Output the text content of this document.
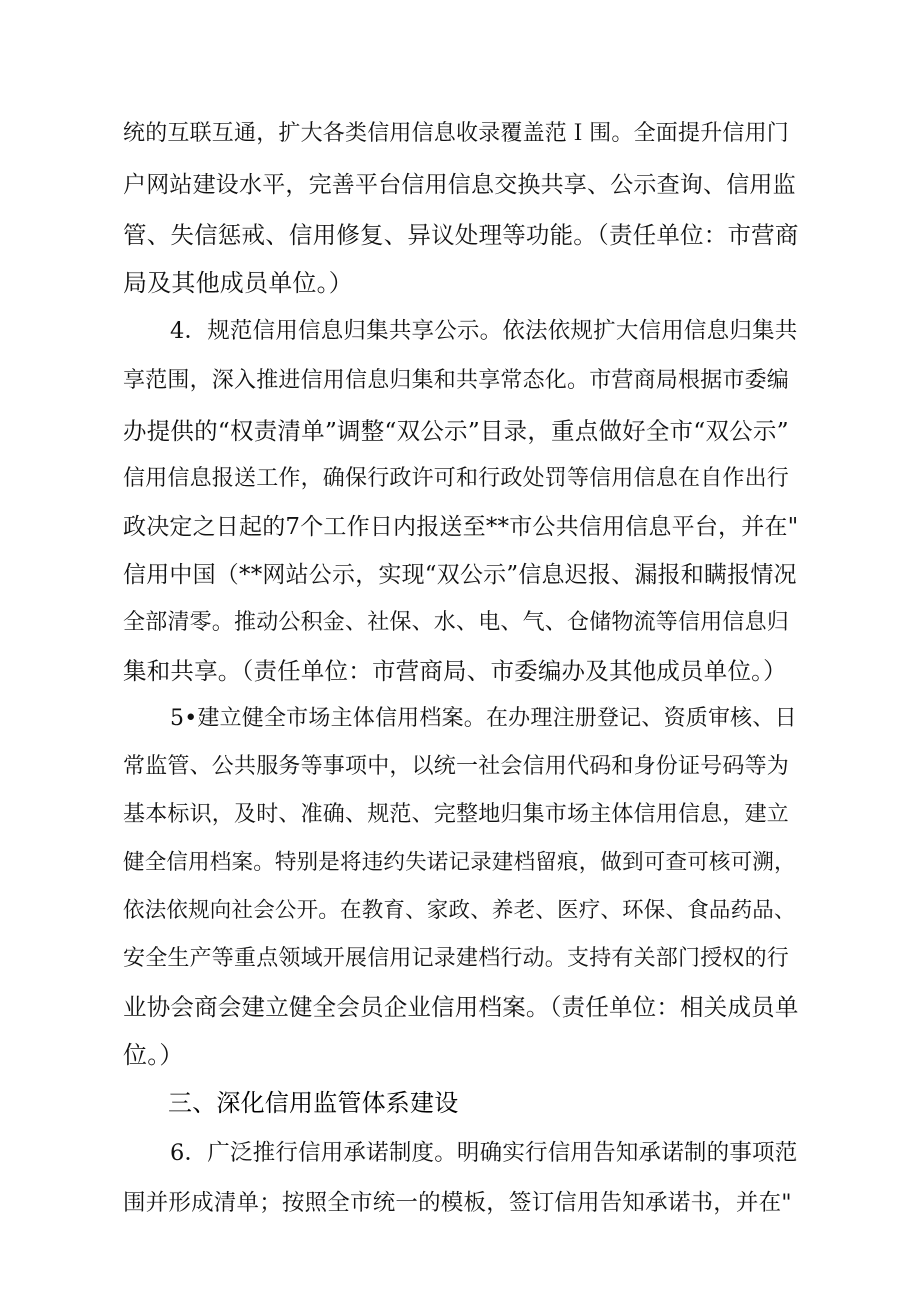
统的互联互通，扩大各类信用信息收录覆盖范Ｉ围。全面提升信用门

户网站建设水平，完善平台信用信息交换共享、公示查询、信用监

管、失信惩戒、信用修复、异议处理等功能。（责任单位：市营商

局及其他成员单位。）

4．规范信用信息归集共享公示。依法依规扩大信用信息归集共

享范围，深入推进信用信息归集和共享常态化。市营商局根据市委编

办提供的“权责清单”调整“双公示”目录，重点做好全市“双公示”

信用信息报送工作，确保行政许可和行政处罚等信用信息在自作出行

政决定之日起的7个工作日内报送至**市公共信用信息平台，并在"

信用中国（**网站公示，实现“双公示”信息迟报、漏报和瞒报情况

全部清零。推动公积金、社保、水、电、气、仓储物流等信用信息归

集和共享。（责任单位：市营商局、市委编办及其他成员单位。）

5•建立健全市场主体信用档案。在办理注册登记、资质审核、日

常监管、公共服务等事项中，以统一社会信用代码和身份证号码等为

基本标识，及时、准确、规范、完整地归集市场主体信用信息，建立

健全信用档案。特别是将违约失诺记录建档留痕，做到可查可核可溯，

依法依规向社会公开。在教育、家政、养老、医疗、环保、食品药品、

安全生产等重点领域开展信用记录建档行动。支持有关部门授权的行

业协会商会建立健全会员企业信用档案。（责任单位：相关成员单

位。）

三、深化信用监管体系建设

6．广泛推行信用承诺制度。明确实行信用告知承诺制的事项范

围并形成清单；按照全市统一的模板，签订信用告知承诺书，并在"
